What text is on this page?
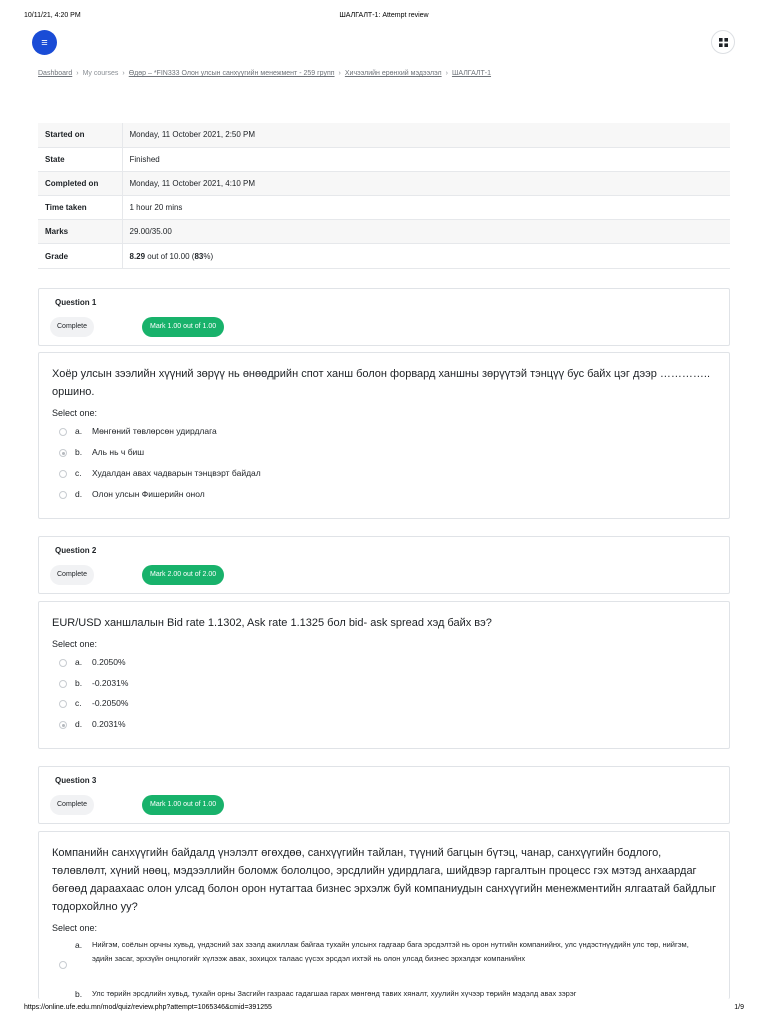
10/11/21, 4:20 PM	ШАЛГАЛТ-1: Attempt review
≡
Dashboard › My courses › Өдөр – *FIN333 Олон улсын санхүүгийн менежмент - 259 групп › Хичээлийн ерөнхий мэдээлэл › ШАЛГАЛТ-1
Started on	Monday, 11 October 2021, 2:50 PM
State	Finished
Completed on	Monday, 11 October 2021, 4:10 PM
Time taken	1 hour 20 mins
Marks	29.00/35.00
Grade	8.29 out of 10.00 (83%)
Question 1
Complete	Mark 1.00 out of 1.00
Хоёр улсын зээлийн хүүний зөрүү нь өнөөдрийн спот ханш болон форвард ханшны зөрүүтэй тэнцүү бус байх цэг дээр ………….. оршино.
Select one:
a. Мөнгөний төвлөрсөн удирдлага
b. Аль нь ч биш
c. Худалдан авах чадварын тэнцвэрт байдал
d. Олон улсын Фишерийн онол
Question 2
Complete	Mark 2.00 out of 2.00
EUR/USD ханшлалын Bid rate 1.1302, Ask rate 1.1325 бол bid- ask spread хэд байх вэ?
Select one:
a. 0.2050%
b. -0.2031%
c. -0.2050%
d. 0.2031%
Question 3
Complete	Mark 1.00 out of 1.00
Компанийн санхүүгийн байдалд үнэлэлт өгөхдөө, санхүүгийн тайлан, түүний багцын бүтэц, чанар, санхүүгийн бодлого, төлөвлөлт, хүний нөөц, мэдээллийн боломж бололцоо, эрсдлийн удирдлага, шийдвэр гаргалтын процесс гэх мэтэд анхаардаг бөгөөд дараахаас олон улсад болон орон нутагтаа бизнес эрхэлж буй компаниудын санхүүгийн менежментийн ялгаатай байдлыг тодорхойлно уу?
Select one:
a. Нийгэм, соёлын орчны хувьд, үндэсний зах зээлд ажиллаж байгаа тухайн улсынх гадгаар бага эрсдэлтэй нь орон нутгийн компанийнх, улс үндэстнүүдийн улс төр, нийгэм, эдийн засаг, эрхзүйн онцлогийг хүлээж авах, зохицох талаас үүсэх эрсдэл ихтэй нь олон улсад бизнес эрхэлдэг компанийнх
b. Улс төрийн эрсдлийн хувьд, тухайн орны Засгийн газраас гадагшаа гарах мөнгөнд тавих хяналт, хуулийн хүчээр төрийн мэдэлд авах зэрэг
https://online.ufe.edu.mn/mod/quiz/review.php?attempt=1065346&cmid=391255	1/9
